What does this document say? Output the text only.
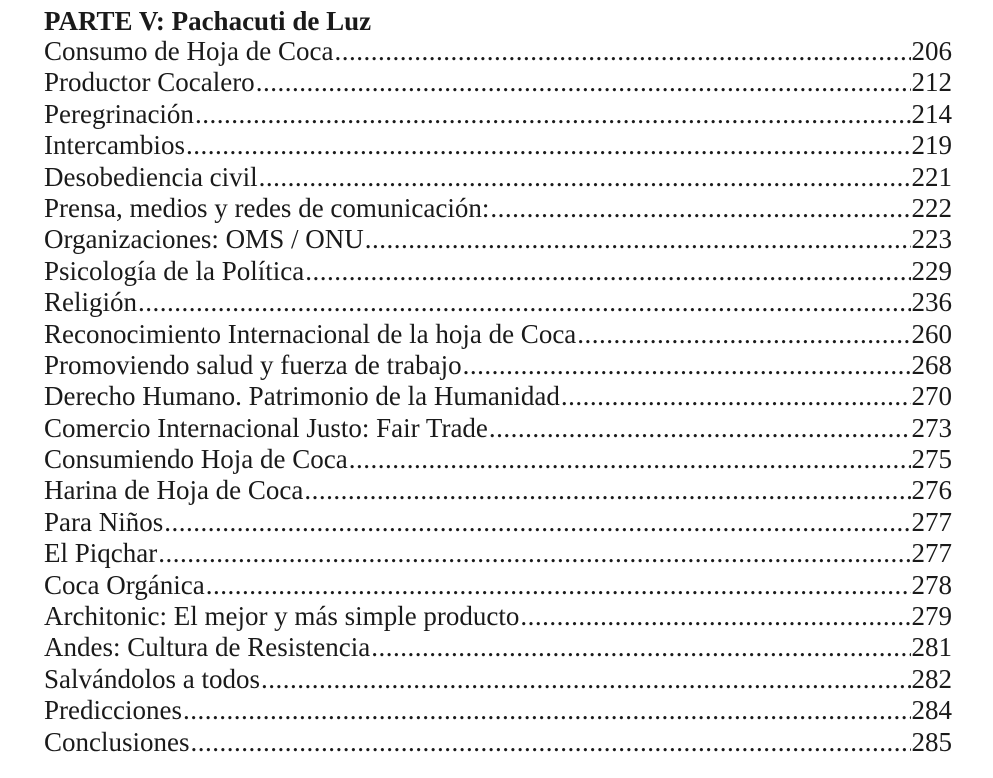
PARTE V: Pachacuti de Luz
Consumo de Hoja de Coca .....	206
Productor Cocalero .....	212
Peregrinación .....	214
Intercambios .....	219
Desobediencia civil .....	221
Prensa, medios y redes de comunicación: .....	222
Organizaciones: OMS / ONU .....	223
Psicología de la Política .....	229
Religión .....	236
Reconocimiento Internacional de la hoja de Coca .....	260
Promoviendo salud y fuerza de trabajo .....	268
Derecho Humano. Patrimonio de la Humanidad .....	270
Comercio Internacional Justo: Fair Trade .....	273
Consumiendo Hoja de Coca .....	275
Harina de Hoja de Coca .....	276
Para Niños .....	277
El Piqchar .....	277
Coca Orgánica .....	278
Architonic: El mejor y más simple producto .....	279
Andes: Cultura de Resistencia .....	281
Salvándolos a todos .....	282
Predicciones .....	284
Conclusiones .....	285
